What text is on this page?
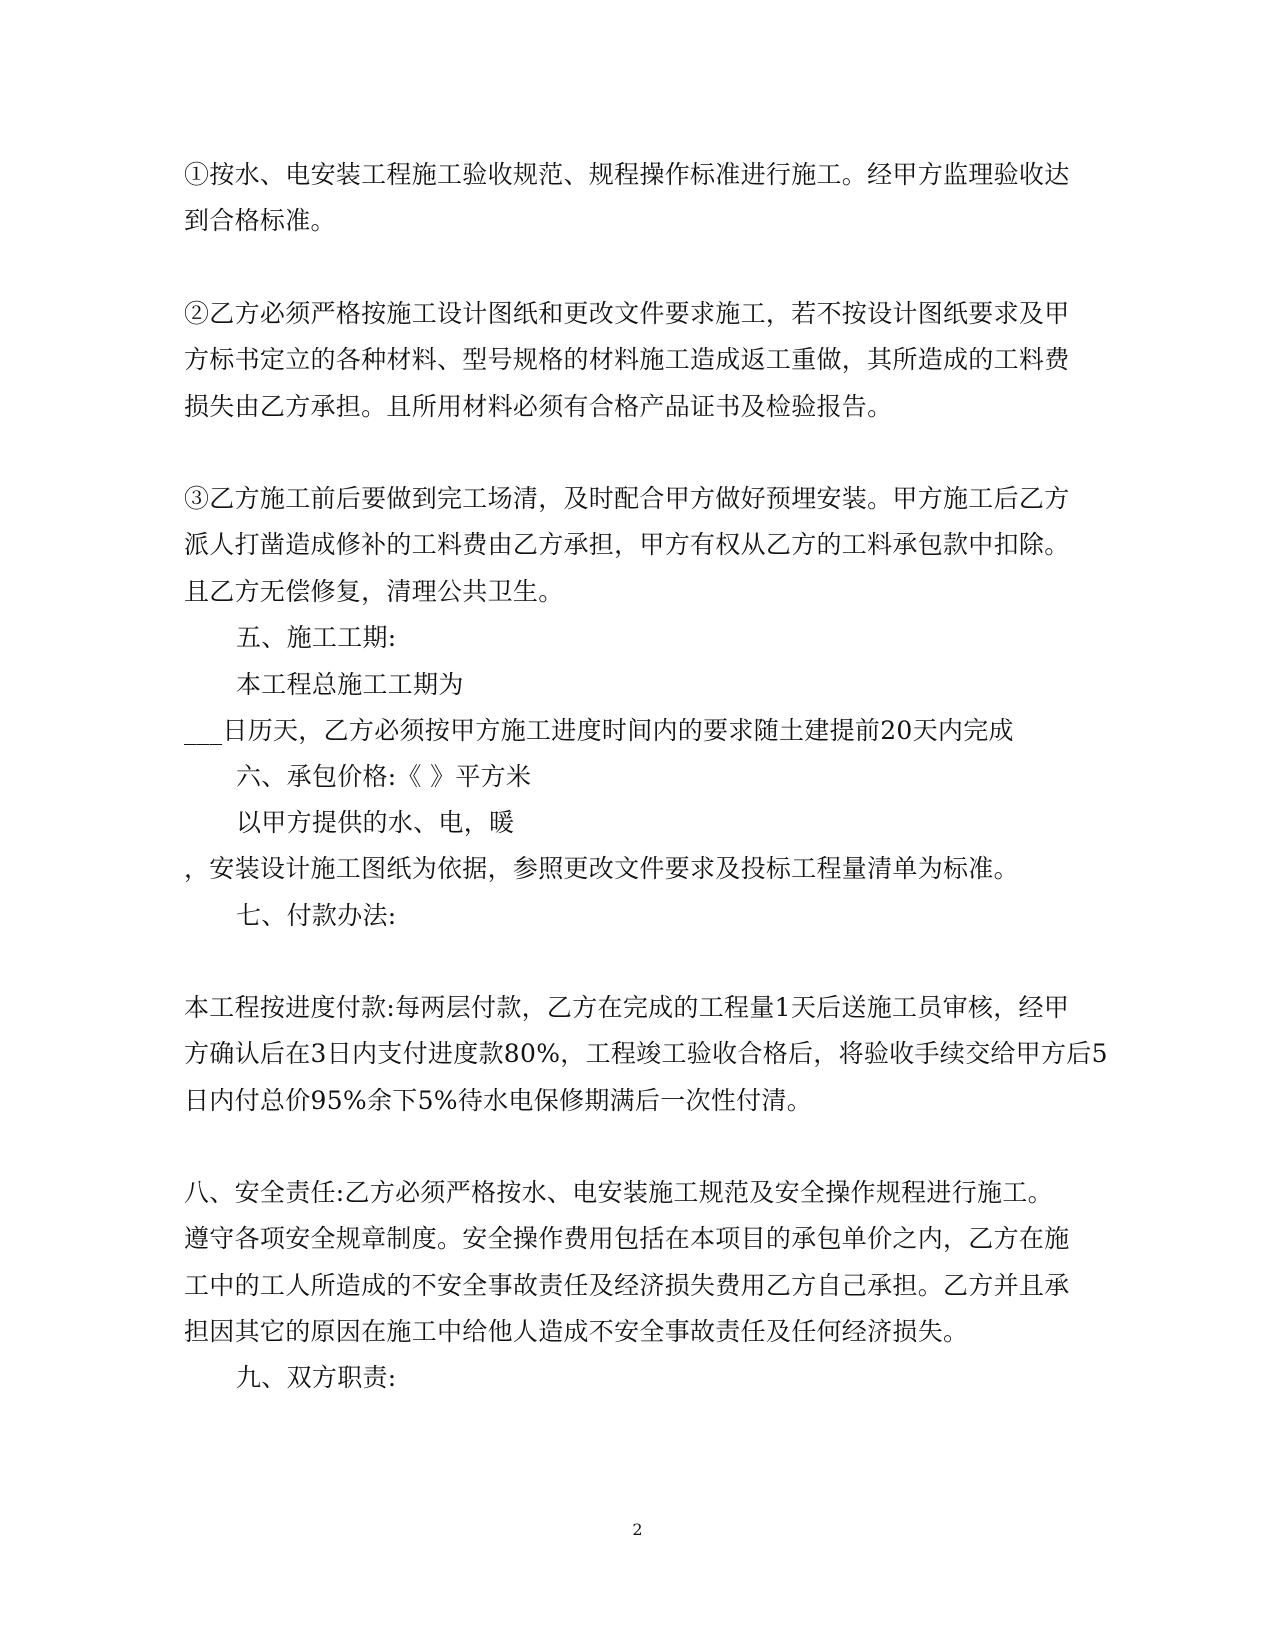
①按水、电安装工程施工验收规范、规程操作标准进行施工。经甲方监理验收达
到合格标准。
②乙方必须严格按施工设计图纸和更改文件要求施工，若不按设计图纸要求及甲
方标书定立的各种材料、型号规格的材料施工造成返工重做，其所造成的工料费
损失由乙方承担。且所用材料必须有合格产品证书及检验报告。
③乙方施工前后要做到完工场清，及时配合甲方做好预埋安装。甲方施工后乙方
派人打凿造成修补的工料费由乙方承担，甲方有权从乙方的工料承包款中扣除。
且乙方无偿修复，清理公共卫生。
五、施工工期:
本工程总施工工期为
___日历天，乙方必须按甲方施工进度时间内的要求随土建提前20天内完成
六、承包价格:《 》平方米
以甲方提供的水、电，暖
，安装设计施工图纸为依据，参照更改文件要求及投标工程量清单为标准。
七、付款办法:
本工程按进度付款:每两层付款，乙方在完成的工程量1天后送施工员审核，经甲
方确认后在3日内支付进度款80%，工程竣工验收合格后，将验收手续交给甲方后5
日内付总价95%余下5%待水电保修期满后一次性付清。
八、安全责任:乙方必须严格按水、电安装施工规范及安全操作规程进行施工。
遵守各项安全规章制度。安全操作费用包括在本项目的承包单价之内，乙方在施
工中的工人所造成的不安全事故责任及经济损失费用乙方自己承担。乙方并且承
担因其它的原因在施工中给他人造成不安全事故责任及任何经济损失。
九、双方职责:
2
